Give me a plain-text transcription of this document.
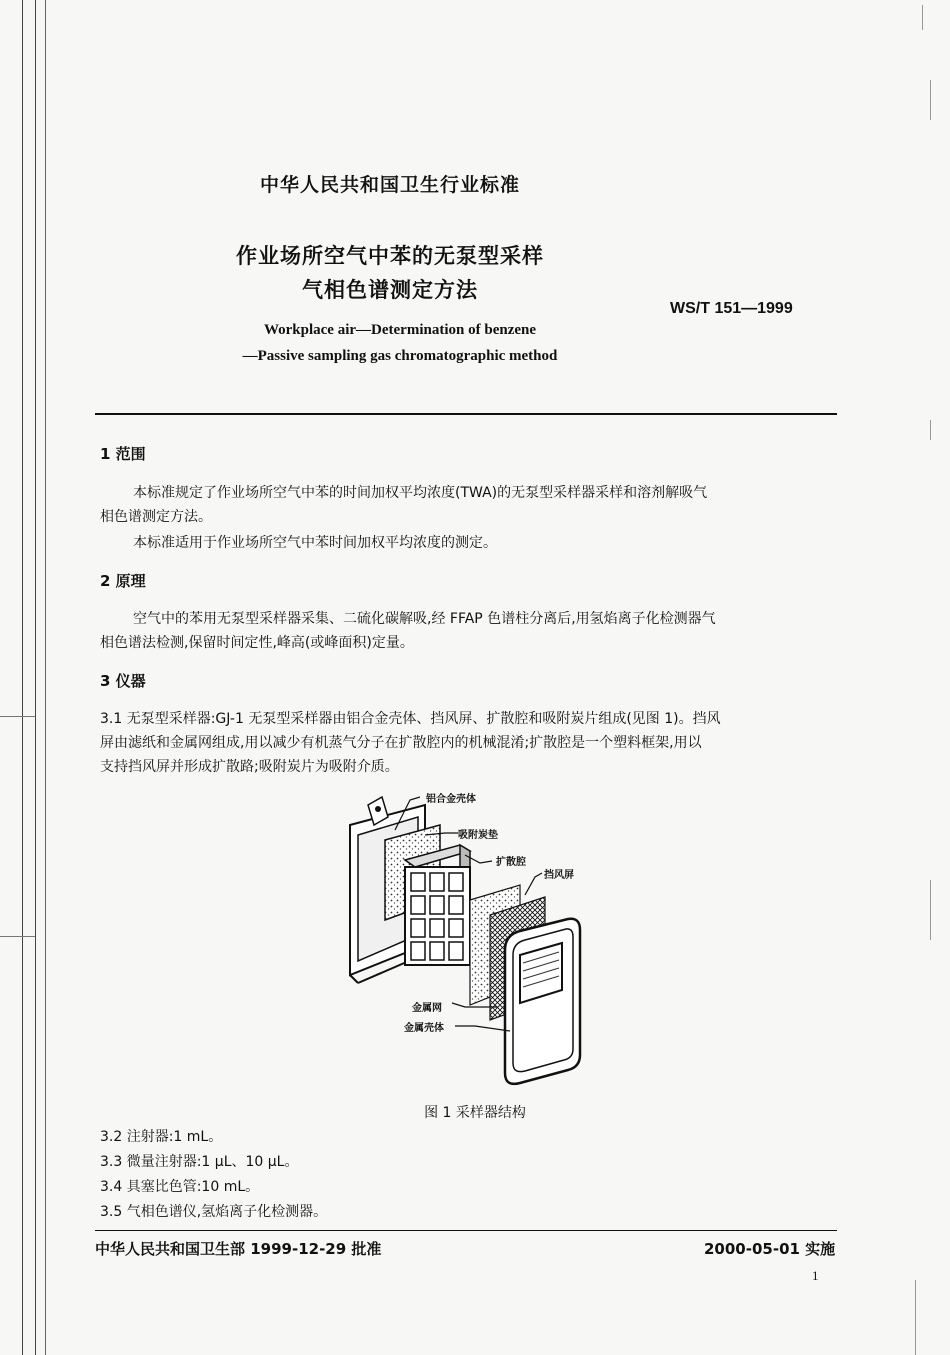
中华人民共和国卫生行业标准
作业场所空气中苯的无泵型采样
气相色谱测定方法
WS/T 151—1999
Workplace air—Determination of benzene
—Passive sampling gas chromatographic method
1 范围
本标准规定了作业场所空气中苯的时间加权平均浓度(TWA)的无泵型采样器采样和溶剂解吸气
相色谱测定方法。
本标准适用于作业场所空气中苯时间加权平均浓度的测定。
2 原理
空气中的苯用无泵型采样器采集、二硫化碳解吸,经 FFAP 色谱柱分离后,用氢焰离子化检测器气
相色谱法检测,保留时间定性,峰高(或峰面积)定量。
3 仪器
3.1 无泵型采样器:GJ-1 无泵型采样器由铝合金壳体、挡风屏、扩散腔和吸附炭片组成(见图 1)。挡风
屏由滤纸和金属网组成,用以减少有机蒸气分子在扩散腔内的机械混淆;扩散腔是一个塑料框架,用以
支持挡风屏并形成扩散路;吸附炭片为吸附介质。
铝合金壳体
吸附炭垫
扩散腔
挡风屏
金属网
金属壳体
图 1 采样器结构
3.2 注射器:1 mL。
3.3 微量注射器:1 μL、10 μL。
3.4 具塞比色管:10 mL。
3.5 气相色谱仪,氢焰离子化检测器。
中华人民共和国卫生部 1999-12-29 批准	2000-05-01 实施
1
